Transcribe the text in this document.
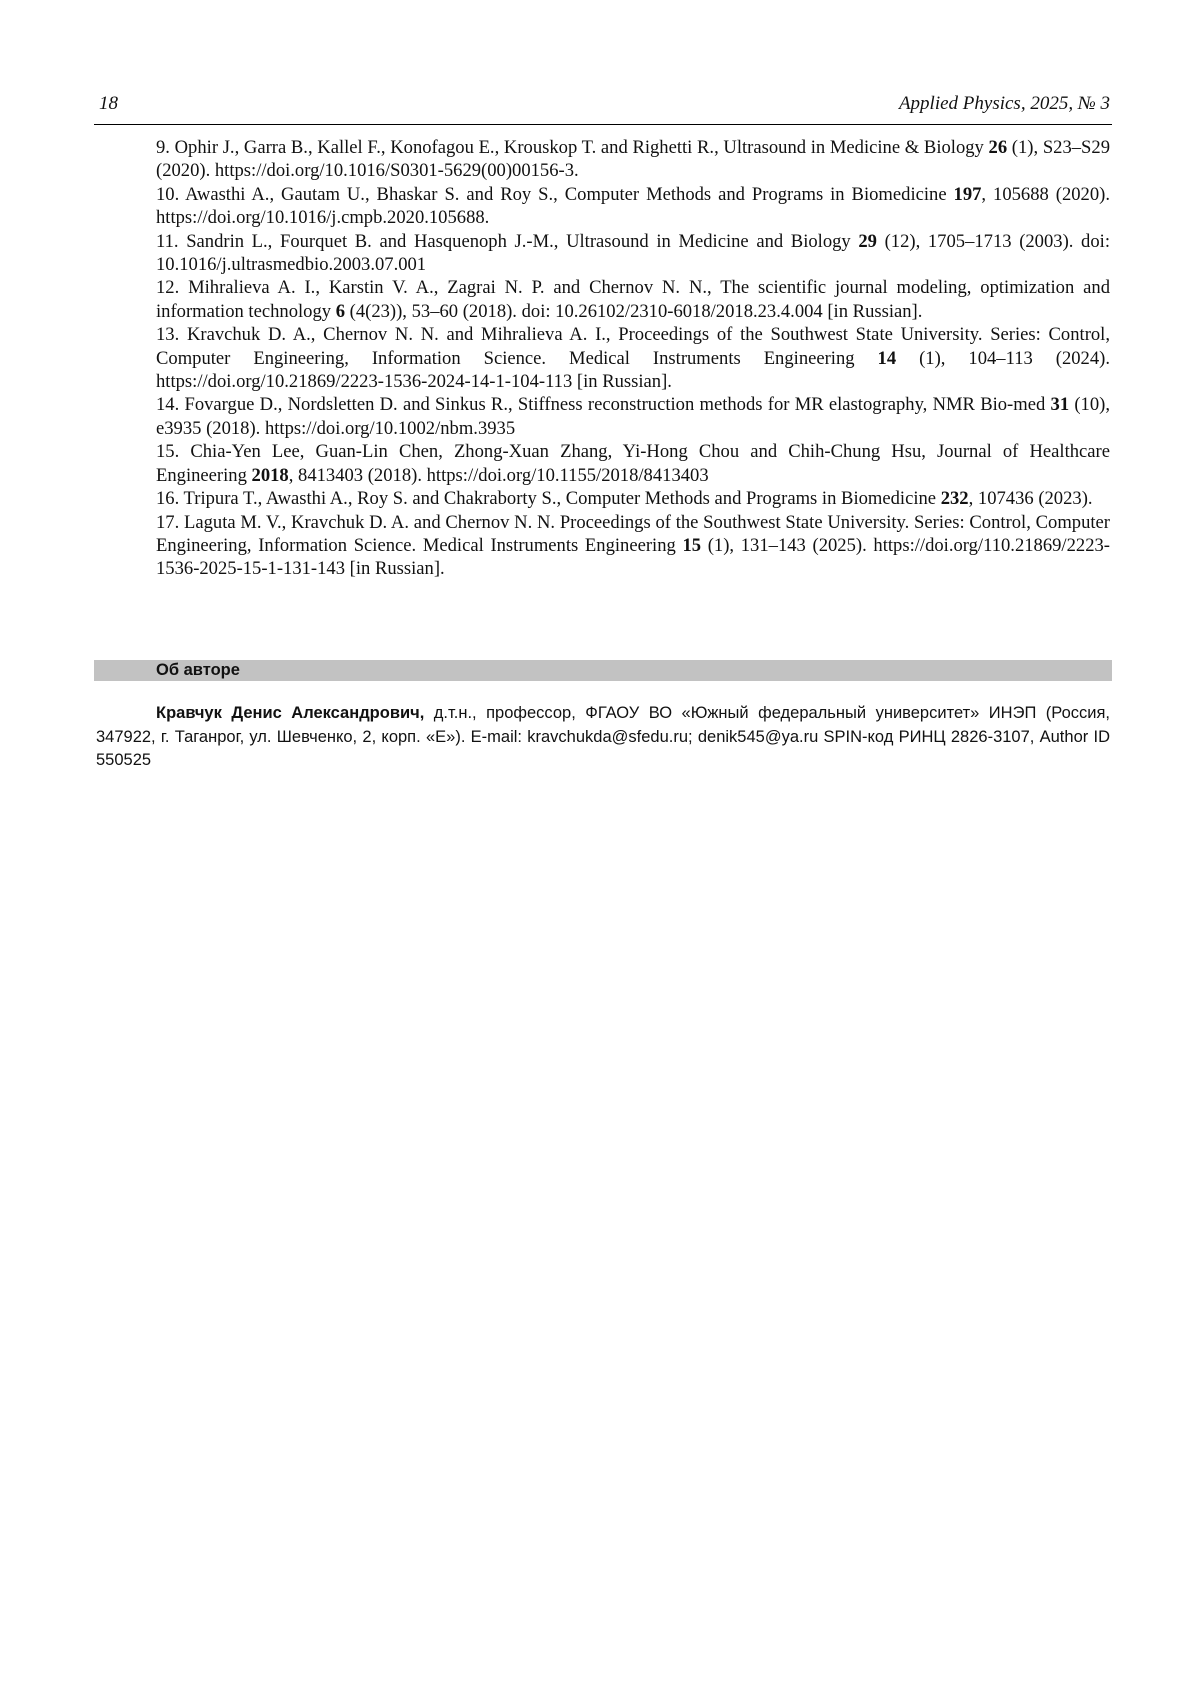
18	Applied Physics, 2025, № 3

9. Ophir J., Garra B., Kallel F., Konofagou E., Krouskop T. and Righetti R., Ultrasound in Medicine & Biology 26 (1), S23–S29 (2020). https://doi.org/10.1016/S0301-5629(00)00156-3.

10. Awasthi A., Gautam U., Bhaskar S. and Roy S., Computer Methods and Programs in Biomedicine 197, 105688 (2020). https://doi.org/10.1016/j.cmpb.2020.105688.

11. Sandrin L., Fourquet B. and Hasquenoph J.-M., Ultrasound in Medicine and Biology 29 (12), 1705–1713 (2003). doi: 10.1016/j.ultrasmedbio.2003.07.001

12. Mihralieva A. I., Karstin V. A., Zagrai N. P. and Chernov N. N., The scientific journal modeling, optimization and information technology 6 (4(23)), 53–60 (2018). doi: 10.26102/2310-6018/2018.23.4.004 [in Russian].

13. Kravchuk D. A., Chernov N. N. and Mihralieva A. I., Proceedings of the Southwest State University. Series: Control, Computer Engineering, Information Science. Medical Instruments Engineering 14 (1), 104–113 (2024). https://doi.org/10.21869/2223-1536-2024-14-1-104-113 [in Russian].

14. Fovargue D., Nordsletten D. and Sinkus R., Stiffness reconstruction methods for MR elastography, NMR Bio-med 31 (10), e3935 (2018). https://doi.org/10.1002/nbm.3935

15. Chia-Yen Lee, Guan-Lin Chen, Zhong-Xuan Zhang, Yi-Hong Chou and Chih-Chung Hsu, Journal of Healthcare Engineering 2018, 8413403 (2018). https://doi.org/10.1155/2018/8413403

16. Tripura T., Awasthi A., Roy S. and Chakraborty S., Computer Methods and Programs in Biomedicine 232, 107436 (2023).

17. Laguta M. V., Kravchuk D. A. and Chernov N. N. Proceedings of the Southwest State University. Series: Control, Computer Engineering, Information Science. Medical Instruments Engineering 15 (1), 131–143 (2025). https://doi.org/110.21869/2223-1536-2025-15-1-131-143 [in Russian].

Об авторе

Кравчук Денис Александрович, д.т.н., профессор, ФГАОУ ВО «Южный федеральный университет» ИНЭП (Россия, 347922, г. Таганрог, ул. Шевченко, 2, корп. «Е»). E-mail: kravchukda@sfedu.ru; denik545@ya.ru SPIN-код РИНЦ 2826-3107, Author ID 550525
